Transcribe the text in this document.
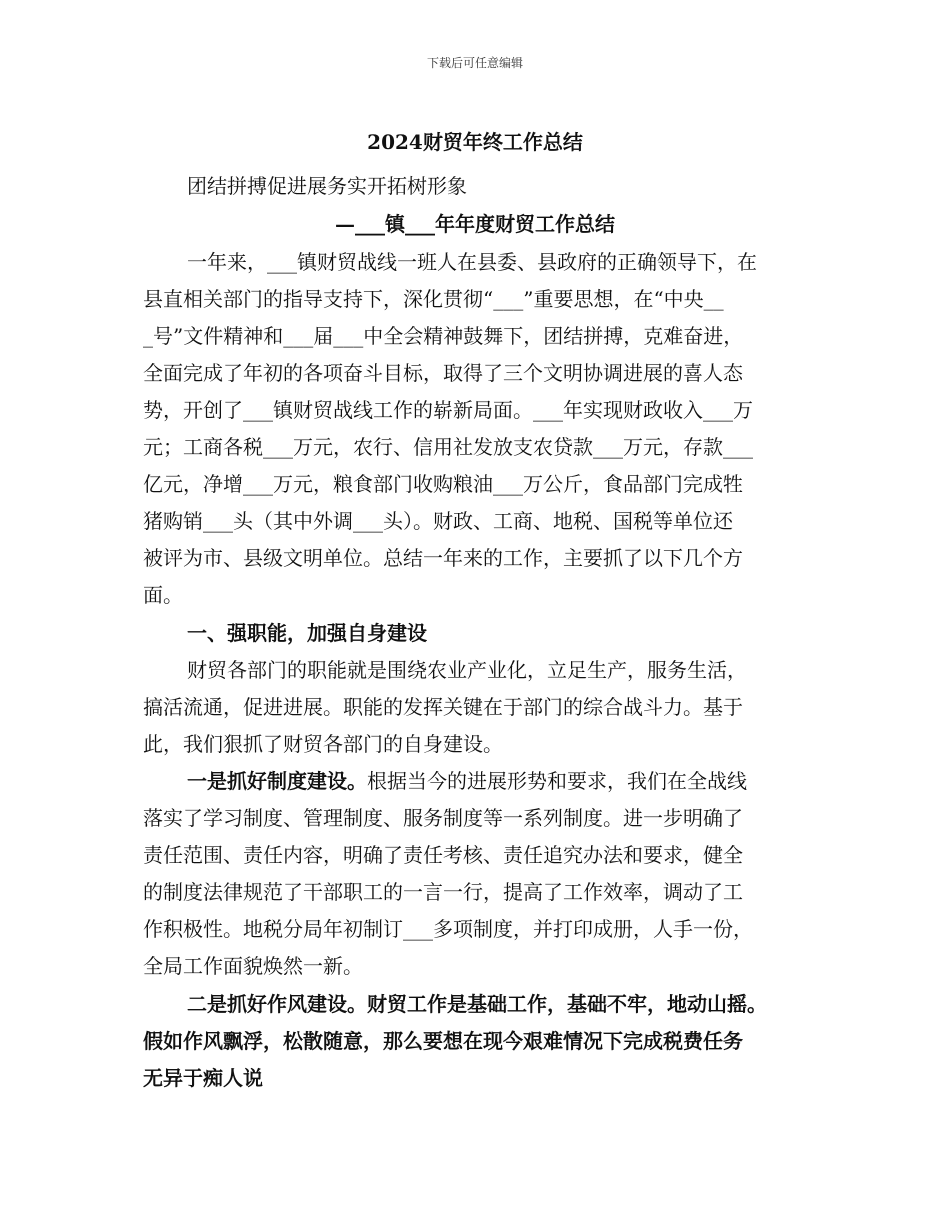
下载后可任意编辑
2024财贸年终工作总结
团结拼搏促进展务实开拓树形象
—___镇___年年度财贸工作总结
一年来，___镇财贸战线一班人在县委、县政府的正确领导下，在
县直相关部门的指导支持下，深化贯彻“___”重要思想，在“中央__
_号”文件精神和___届___中全会精神鼓舞下，团结拼搏，克难奋进，
全面完成了年初的各项奋斗目标，取得了三个文明协调进展的喜人态
势，开创了___镇财贸战线工作的崭新局面。___年实现财政收入___万
元；工商各税___万元，农行、信用社发放支农贷款___万元，存款___
亿元，净增___万元，粮食部门收购粮油___万公斤，食品部门完成牲
猪购销___头（其中外调___头）。财政、工商、地税、国税等单位还
被评为市、县级文明单位。总结一年来的工作，主要抓了以下几个方
面。
一、强职能，加强自身建设
财贸各部门的职能就是围绕农业产业化，立足生产，服务生活，
搞活流通，促进进展。职能的发挥关键在于部门的综合战斗力。基于
此，我们狠抓了财贸各部门的自身建设。
一是抓好制度建设。根据当今的进展形势和要求，我们在全战线
落实了学习制度、管理制度、服务制度等一系列制度。进一步明确了
责任范围、责任内容，明确了责任考核、责任追究办法和要求，健全
的制度法律规范了干部职工的一言一行，提高了工作效率，调动了工
作积极性。地税分局年初制订___多项制度，并打印成册，人手一份，
全局工作面貌焕然一新。
二是抓好作风建设。财贸工作是基础工作，基础不牢，地动山摇。
假如作风飘浮，松散随意，那么要想在现今艰难情况下完成税费任务
无异于痴人说
